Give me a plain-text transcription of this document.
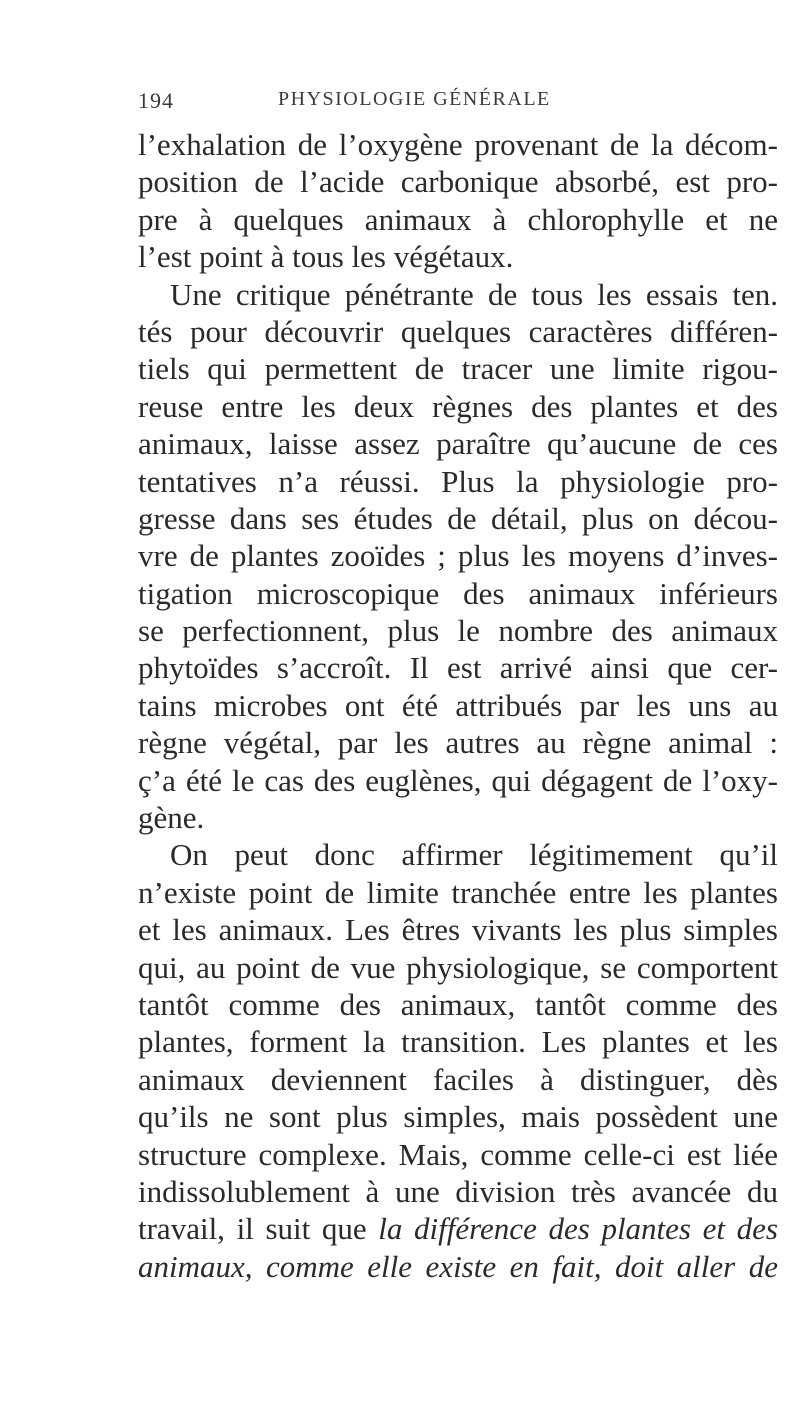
194	PHYSIOLOGIE GÉNÉRALE
l’exhalation de l’oxygène provenant de la décom-
position de l’acide carbonique absorbé, est pro-
pre à quelques animaux à chlorophylle et ne
l’est point à tous les végétaux.
Une critique pénétrante de tous les essais ten.
tés pour découvrir quelques caractères différen-
tiels qui permettent de tracer une limite rigou-
reuse entre les deux règnes des plantes et des
animaux, laisse assez paraître qu’aucune de ces
tentatives n’a réussi. Plus la physiologie pro-
gresse dans ses études de détail, plus on décou-
vre de plantes zooïdes ; plus les moyens d’inves-
tigation microscopique des animaux inférieurs
se perfectionnent, plus le nombre des animaux
phytoïdes s’accroît. Il est arrivé ainsi que cer-
tains microbes ont été attribués par les uns au
règne végétal, par les autres au règne animal :
ç’a été le cas des euglènes, qui dégagent de l’oxy-
gène.
On peut donc affirmer légitimement qu’il
n’existe point de limite tranchée entre les plantes
et les animaux. Les êtres vivants les plus simples
qui, au point de vue physiologique, se comportent
tantôt comme des animaux, tantôt comme des
plantes, forment la transition. Les plantes et les
animaux deviennent faciles à distinguer, dès
qu’ils ne sont plus simples, mais possèdent une
structure complexe. Mais, comme celle-ci est liée
indissolublement à une division très avancée du
travail, il suit que la différence des plantes et des
animaux, comme elle existe en fait, doit aller de
